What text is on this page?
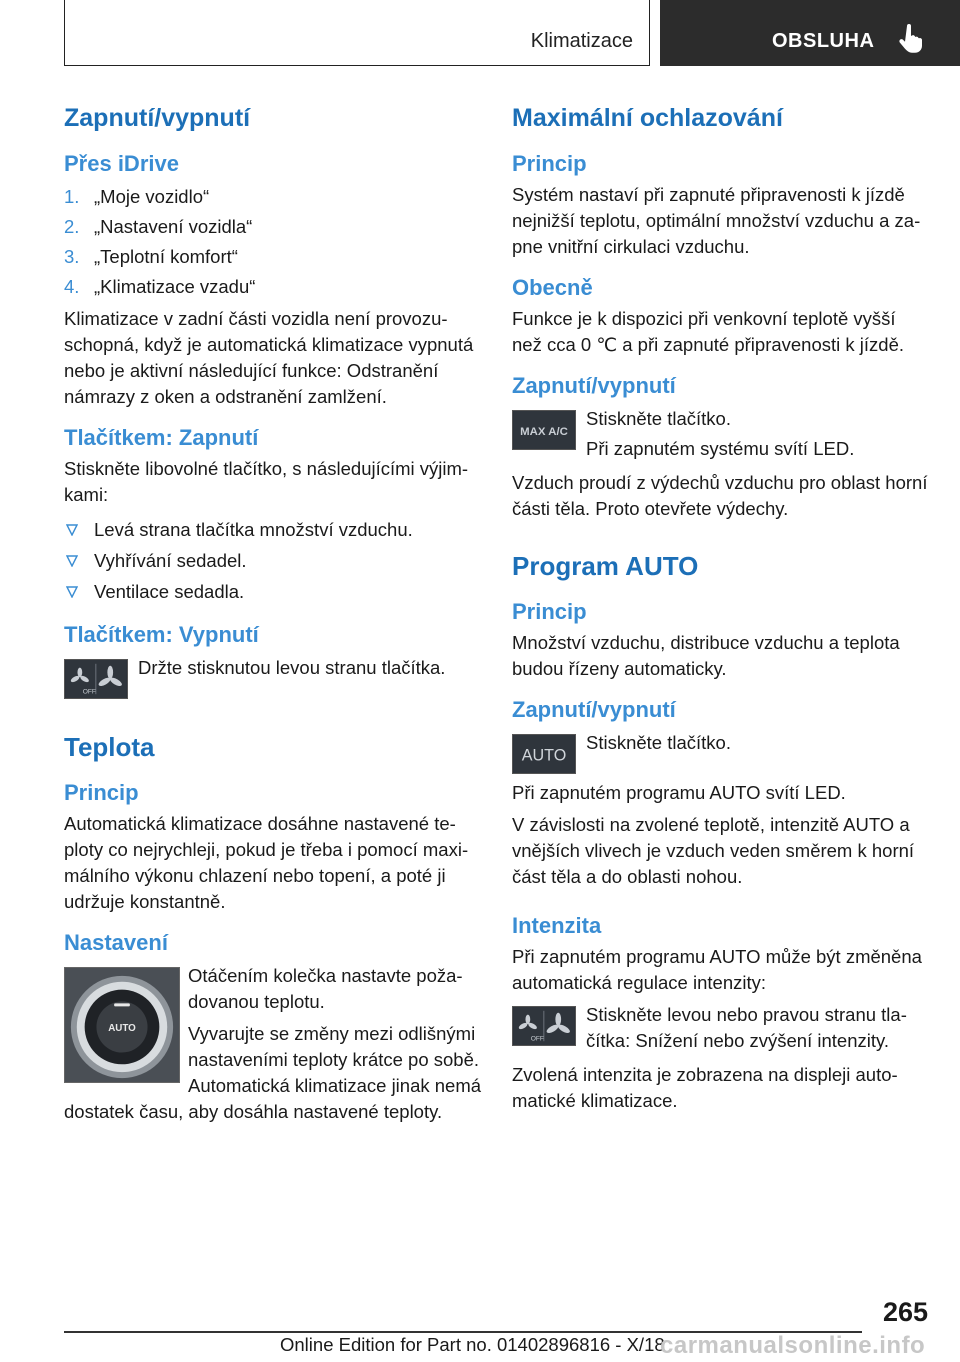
Klimatizace	OBSLUHA
Zapnutí/vypnutí
Přes iDrive
1. „Moje vozidlo“
2. „Nastavení vozidla“
3. „Teplotní komfort“
4. „Klimatizace vzadu“

Klimatizace v zadní části vozidla není provozuschopná, když je automatická klimatizace vypnutá nebo je aktivní následující funkce: Odstranění námrazy z oken a odstranění zamlžení.

Tlačítkem: Zapnutí

Stiskněte libovolné tlačítko, s následujícími výjimkami:

Levá strana tlačítka množství vzduchu.
Vyhřívání sedadel.
Ventilace sedadla.
Tlačítkem: Vypnutí
OFF

Držte stisknutou levou stranu tlačítka.

Teplota
Princip

Automatická klimatizace dosáhne nastavené teploty co nejrychleji, pokud je třeba i pomocí maximálního výkonu chlazení nebo topení, a poté ji udržuje konstantně.

Nastavení
AUTO

Otáčením kolečka nastavte požadovanou teplotu.

Vyvarujte se změny mezi odlišnými nastaveními teploty krátce po sobě. Automatická klimatizace jinak nemá dostatek času, aby dosáhla nastavené teploty.

Maximální ochlazování
Princip

Systém nastaví při zapnuté připravenosti k jízdě nejnižší teplotu, optimální množství vzduchu a zapne vnitřní cirkulaci vzduchu.

Obecně

Funkce je k dispozici při venkovní teplotě vyšší než cca 0 ℃ a při zapnuté připravenosti k jízdě.

Zapnutí/vypnutí
MAX A/C

Stiskněte tlačítko.

Při zapnutém systému svítí LED.

Vzduch proudí z výdechů vzduchu pro oblast horní části těla. Proto otevřete výdechy.

Program AUTO
Princip

Množství vzduchu, distribuce vzduchu a teplota budou řízeny automaticky.

Zapnutí/vypnutí
AUTO

Stiskněte tlačítko.

Při zapnutém programu AUTO svítí LED.

V závislosti na zvolené teplotě, intenzitě AUTO a vnějších vlivech je vzduch veden směrem k horní část těla a do oblasti nohou.

Intenzita

Při zapnutém programu AUTO může být změněna automatická regulace intenzity:

OFF

Stiskněte levou nebo pravou stranu tlačítka: Snížení nebo zvýšení intenzity.

Zvolená intenzita je zobrazena na displeji automatické klimatizace.

265
Online Edition for Part no. 01402896816 - X/18
carmanualsonline.info
